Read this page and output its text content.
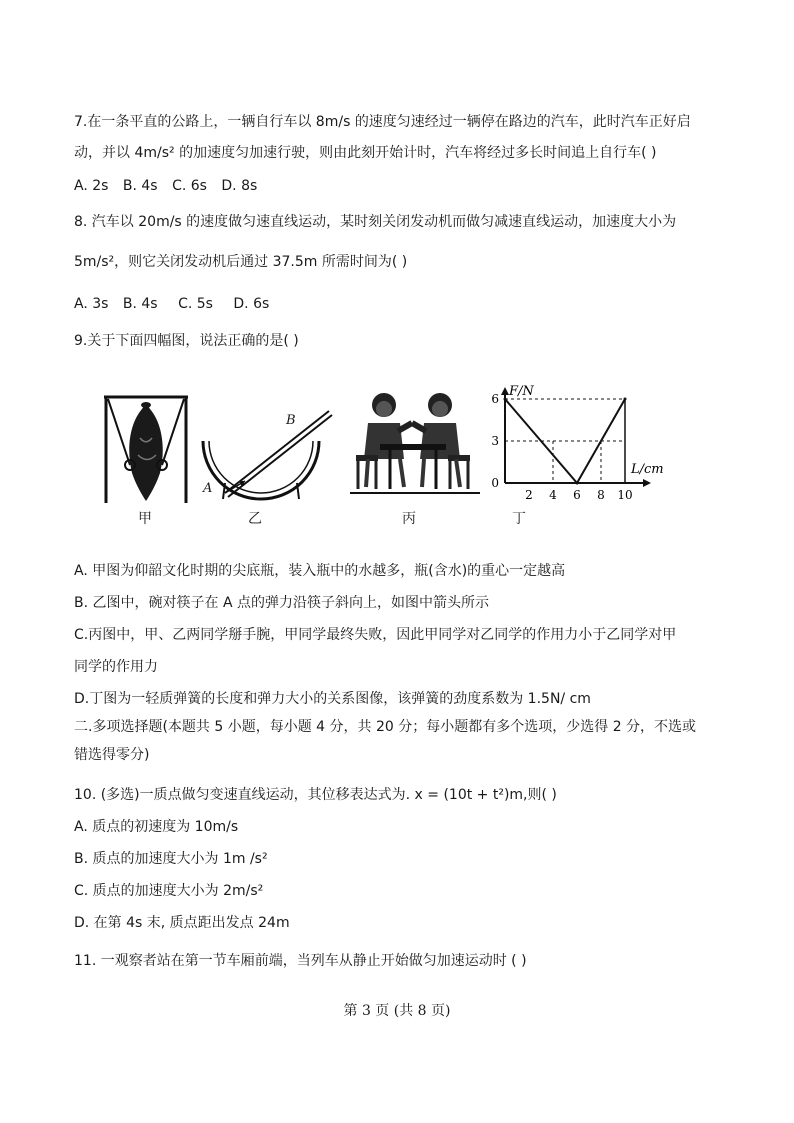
7.在一条平直的公路上，一辆自行车以 8m/s 的速度匀速经过一辆停在路边的汽车，此时汽车正好启
动，并以 4m/s² 的加速度匀加速行驶，则由此刻开始计时，汽车将经过多长时间追上自行车( )
A. 2s B. 4s C. 6s D. 8s
8. 汽车以 20m/s 的速度做匀速直线运动，某时刻关闭发动机而做匀减速直线运动，加速度大小为
5m/s²，则它关闭发动机后通过 37.5m 所需时间为( )
A. 3s B. 4s C. 5s D. 6s
9.关于下面四幅图，说法正确的是( )
甲
A
B
乙	丙
6
3
0
2 4 6 8 10
F/N
L/cm
丁
A. 甲图为仰韶文化时期的尖底瓶，装入瓶中的水越多，瓶(含水)的重心一定越高
B. 乙图中，碗对筷子在 A 点的弹力沿筷子斜向上，如图中箭头所示
C.丙图中，甲、乙两同学掰手腕，甲同学最终失败，因此甲同学对乙同学的作用力小于乙同学对甲
同学的作用力
D.丁图为一轻质弹簧的长度和弹力大小的关系图像，该弹簧的劲度系数为 1.5N/ cm
二.多项选择题(本题共 5 小题，每小题 4 分，共 20 分；每小题都有多个选项，少选得 2 分，不选或
错选得零分)
10. (多选)一质点做匀变速直线运动，其位移表达式为. x = (10t + t²)m,则( )
A. 质点的初速度为 10m/s
B. 质点的加速度大小为 1m /s²
C. 质点的加速度大小为 2m/s²
D. 在第 4s 末, 质点距出发点 24m
11. 一观察者站在第一节车厢前端，当列车从静止开始做匀加速运动时 ( )
第 3 页 (共 8 页)
